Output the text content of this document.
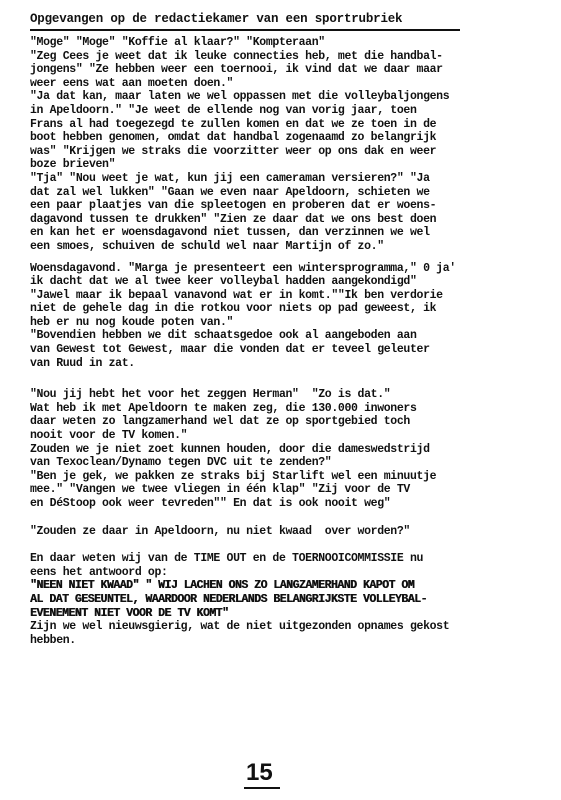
Opgevangen op de redactiekamer van een sportrubriek
"Moge" "Moge" "Koffie al klaar?" "Kompteraan"
"Zeg Cees je weet dat ik leuke connecties heb, met die handbal-
jongens" "Ze hebben weer een toernooi, ik vind dat we daar maar
weer eens wat aan moeten doen."
"Ja dat kan, maar laten we wel oppassen met die volleybaljongens
in Apeldoorn." "Je weet de ellende nog van vorig jaar, toen
Frans al had toegezegd te zullen komen en dat we ze toen in de
boot hebben genomen, omdat dat handbal zogenaamd zo belangrijk
was" "Krijgen we straks die voorzitter weer op ons dak en weer
boze brieven"
"Tja" "Nou weet je wat, kun jij een cameraman versieren?" "Ja
dat zal wel lukken" "Gaan we even naar Apeldoorn, schieten we
een paar plaatjes van die spleetogen en proberen dat er woens-
dagavond tussen te drukken" "Zien ze daar dat we ons best doen
en kan het er woensdagavond niet tussen, dan verzinnen we wel
een smoes, schuiven de schuld wel naar Martijn of zo."
Woensdagavond. "Marga je presenteert een wintersprogramma," 0 ja'
ik dacht dat we al twee keer volleybal hadden aangekondigd"
"Jawel maar ik bepaal vanavond wat er in komt.""Ik ben verdorie
niet de gehele dag in die rotkou voor niets op pad geweest, ik
heb er nu nog koude poten van."
"Bovendien hebben we dit schaatsgedoe ook al aangeboden aan
van Gewest tot Gewest, maar die vonden dat er teveel geleuter
van Ruud in zat.
"Nou jij hebt het voor het zeggen Herman"  "Zo is dat."
Wat heb ik met Apeldoorn te maken zeg, die 130.000 inwoners
daar weten zo langzamerhand wel dat ze op sportgebied toch
nooit voor de TV komen."
Zouden we je niet zoet kunnen houden, door die dameswedstrijd
van Texoclean/Dynamo tegen DVC uit te zenden?"
"Ben je gek, we pakken ze straks bij Starlift wel een minuutje
mee." "Vangen we twee vliegen in één klap" "Zij voor de TV
en DéStoop ook weer tevreden"" En dat is ook nooit weg"
"Zouden ze daar in Apeldoorn, nu niet kwaad  over worden?"
En daar weten wij van de TIME OUT en de TOERNOOICOMMISSIE nu
eens het antwoord op:
"NEEN NIET KWAAD" " WIJ LACHEN ONS ZO LANGZAMERHAND KAPOT OM
AL DAT GESEUNTEL, WAARDOOR NEDERLANDS BELANGRIJKSTE VOLLEYBAL-
EVENEMENT NIET VOOR DE TV KOMT"
Zijn we wel nieuwsgierig, wat de niet uitgezonden opnames gekost
hebben.
15
